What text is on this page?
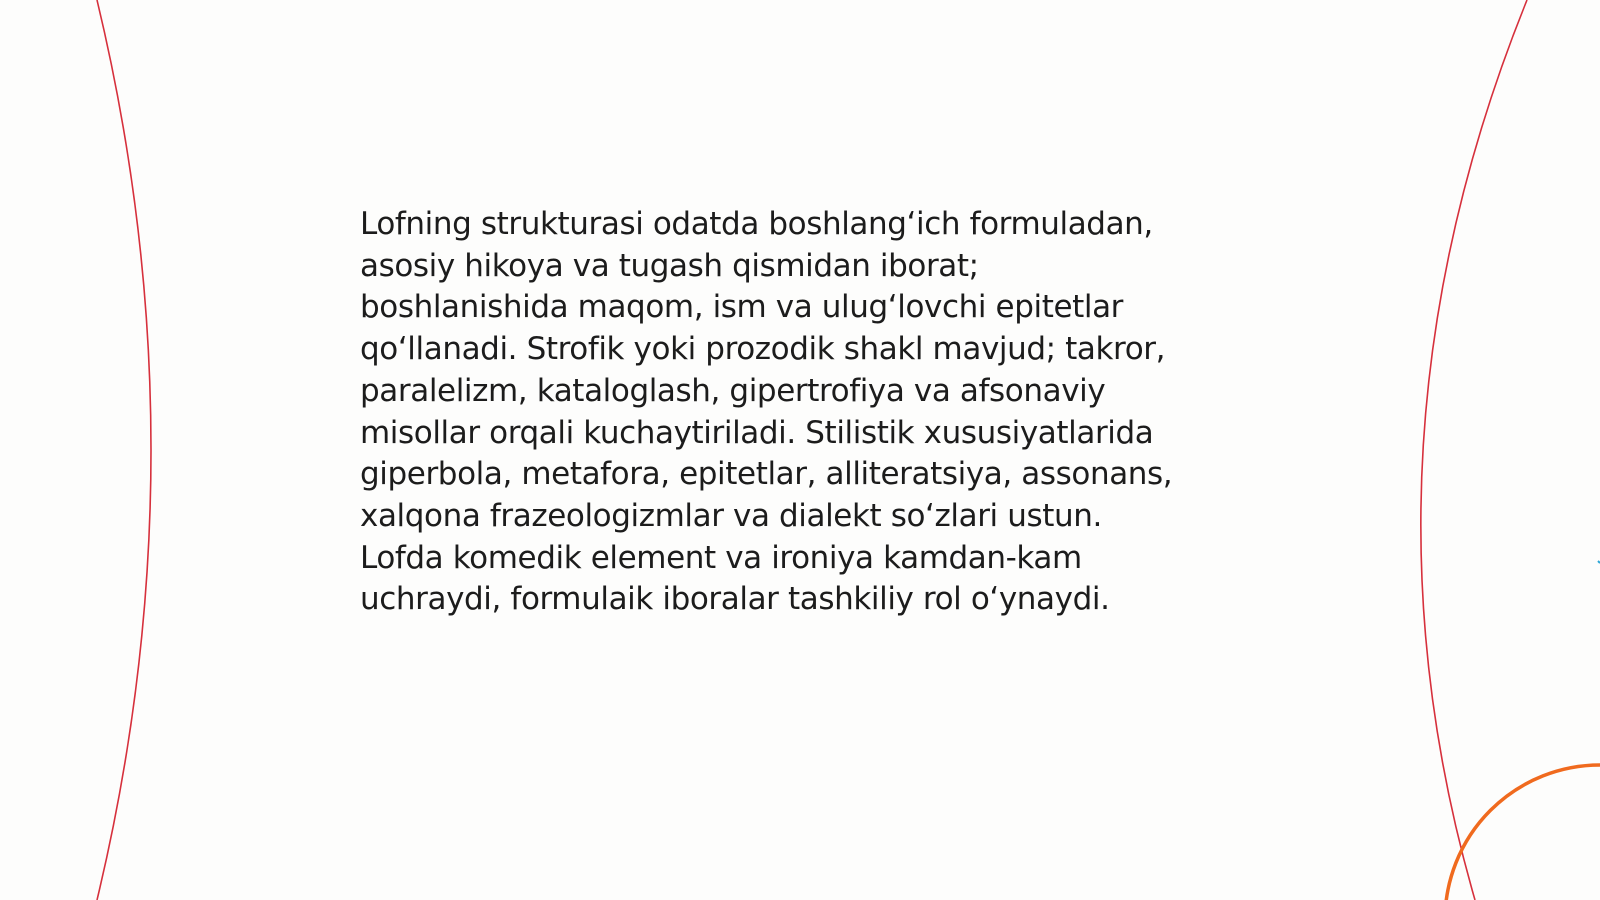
Lofning strukturasi odatda boshlang‘ich formuladan,
asosiy hikoya va tugash qismidan iborat;
boshlanishida maqom, ism va ulug‘lovchi epitetlar
qo‘llanadi. Strofik yoki prozodik shakl mavjud; takror,
paralelizm, kataloglash, gipertrofiya va afsonaviy
misollar orqali kuchaytiriladi. Stilistik xususiyatlarida
giperbola, metafora, epitetlar, alliteratsiya, assonans,
xalqona frazeologizmlar va dialekt so‘zlari ustun.
Lofda komedik element va ironiya kamdan-kam
uchraydi, formulaik iboralar tashkiliy rol o‘ynaydi.
